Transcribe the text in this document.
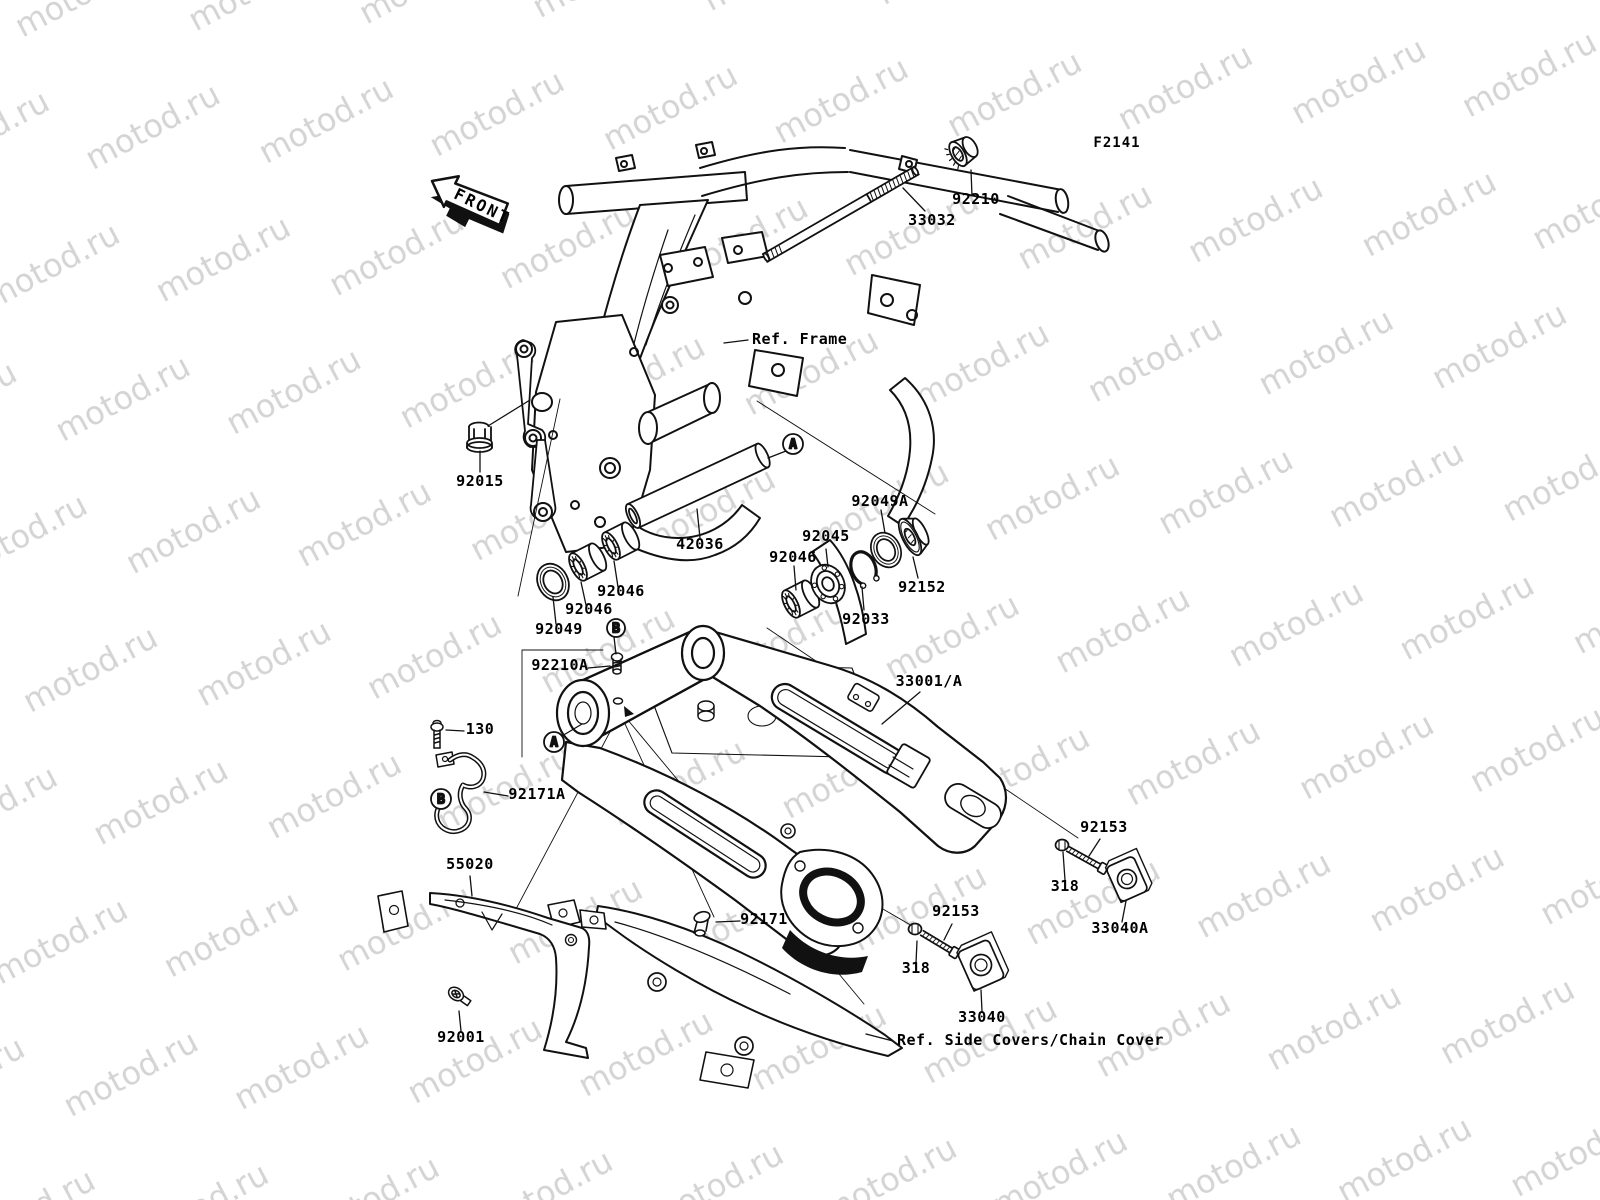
FRONT
A
A
B
B
F2141
92210
33032
Ref. Frame
92015
42036
92046
92045
92033
92049A
92152
92046
92046
92049
92210A
33001/A
130
92171A
55020
92001
92171
92153
318
33040A
92153
318
33040
Ref. Side Covers/Chain Cover
